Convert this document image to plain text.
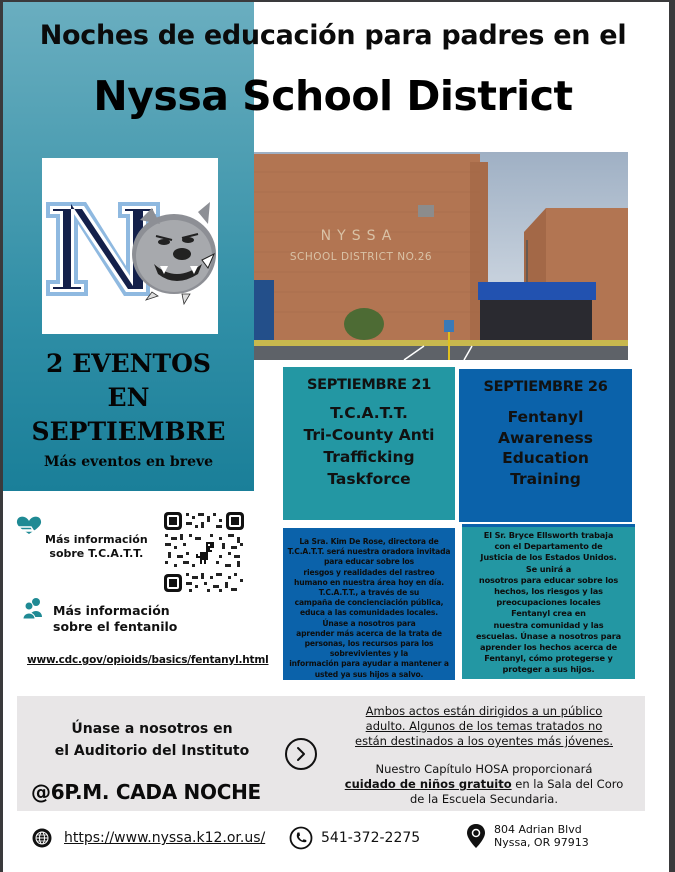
Noches de educación para padres en el
Nyssa School District
2 EVENTOS
EN
SEPTIEMBRE
Más eventos en breve
NYSSA
SCHOOL DISTRICT NO.26
SEPTIEMBRE 21
T.C.A.T.T.
Tri-County Anti
Trafficking
Taskforce
SEPTIEMBRE 26
Fentanyl
Awareness
Education
Training
La Sra. Kim De Rose, directora de
T.C.A.T.T. será nuestra oradora invitada
para educar sobre los
riesgos y realidades del rastreo
humano en nuestra área hoy en día.
T.C.A.T.T., a través de su
campaña de concienciación pública,
educa a las comunidades locales.
Únase a nosotros para
aprender más acerca de la trata de
personas, los recursos para los
sobrevivientes y la
información para ayudar a mantener a
usted ya sus hijos a salvo.
El Sr. Bryce Ellsworth trabaja
con el Departamento de
Justicia de los Estados Unidos.
Se unirá a
nosotros para educar sobre los
hechos, los riesgos y las
preocupaciones locales
Fentanyl crea en
nuestra comunidad y las
escuelas. Únase a nosotros para
aprender los hechos acerca de
Fentanyl, cómo protegerse y
proteger a sus hijos.
Más información
sobre T.C.A.T.T.
Más información
sobre el fentanilo
www.cdc.gov/opioids/basics/fentanyl.html
Únase a nosotros en
el Auditorio del Instituto
@6P.M. CADA NOCHE
Ambos actos están dirigidos a un público
adulto. Algunos de los temas tratados no
están destinados a los oyentes más jóvenes.
Nuestro Capítulo HOSA proporcionará
cuidado de niños gratuito en la Sala del Coro
de la Escuela Secundaria.
https://www.nyssa.k12.or.us/	541-372-2275
804 Adrian Blvd
Nyssa, OR 97913
